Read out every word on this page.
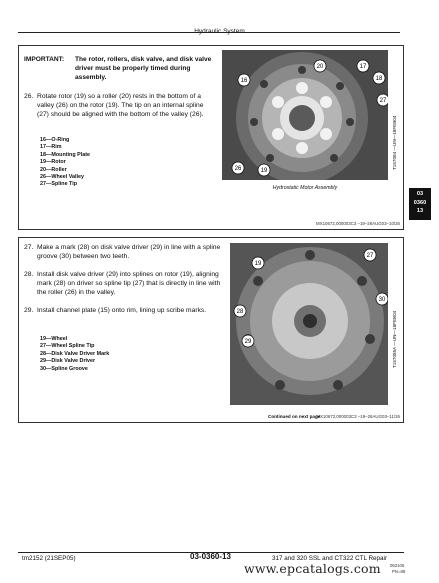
03
0360
13
IMPORTANT: The rotor, rollers, disk valve, and disk valve driver must be properly timed during assembly.
26. Rotate rotor (19) so a roller (20) rests in the bottom of a valley (26) on the rotor (19). The tip on an internal spline (27) should be aligned with the bottom of the valley (26).
16—O-Ring
17—Rim
18—Mounting Plate
19—Rotor
20—Roller
26—Wheel Valley
27—Spline Tip
16
20	17
18
27
26	19
T157084 —UN—18FEB04
Hydrostatic Motor Assembly
MX10672,000003C3 –19–26AUG03–10/26
27. Make a mark (28) on disk valve driver (29) in line with a spline groove (30) between two teeth.
28. Install disk valve driver (29) into splines on rotor (19), aligning mark (28) on driver so spline tip (27) that is directly in line with the roller (26) in the valley.
29. Install channel plate (15) onto rim, lining up scribe marks.
19—Wheel
27—Wheel Spline Tip
28—Disk Valve Driver Mark
29—Disk Valve Driver
30—Spline Groove
19
27
30
28
29	T157085A —UN—18FEB04
Continued on next page
MX10672,000003C3 –19–26AUG03–11/26
tm2152 (21SEP05)	03-0360-13	317 and 320 SSL and CT322 CTL Repair
062106
PN=89
www.epcatalogs.com
